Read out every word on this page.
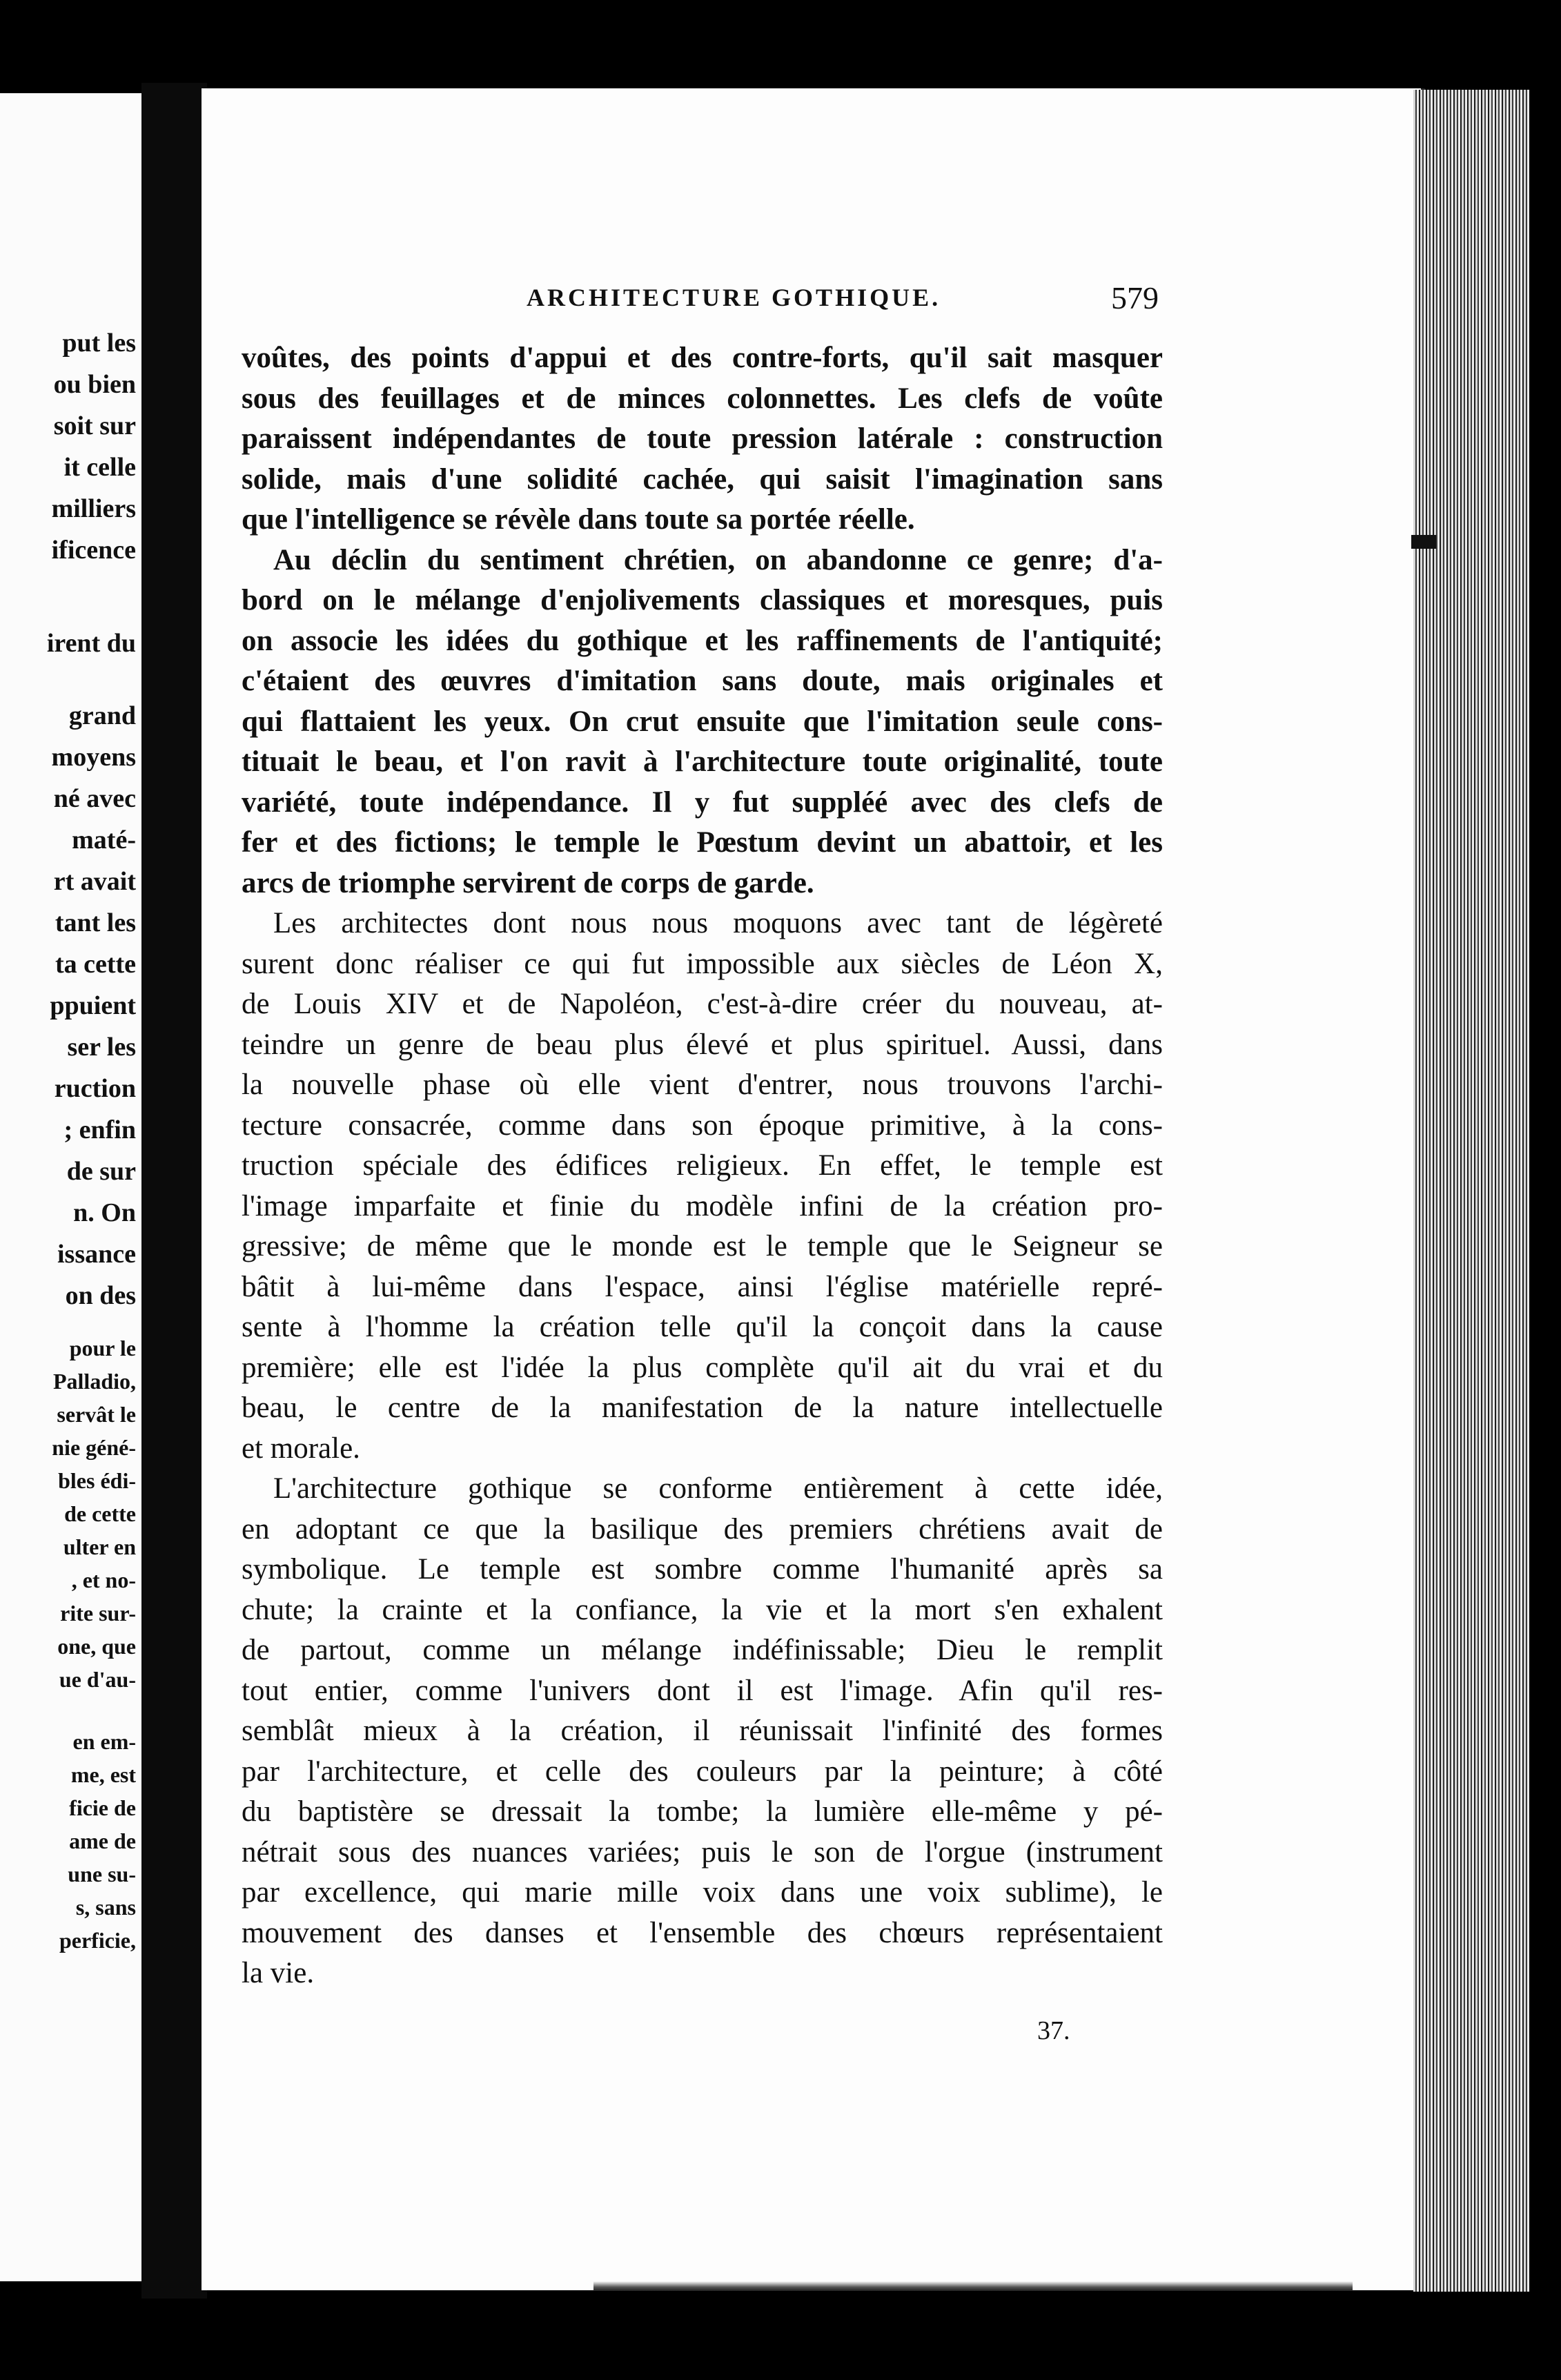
put les
ou bien
soit sur
it celle
milliers
ificence
irent du
grand
moyens
né avec
maté-
rt avait
tant les
ta cette
ppuient
ser les
ruction
; enfin
de sur
n. On
issance
on des
pour le
Palladio,
servât le
nie géné-
bles édi-
de cette
ulter en
, et no-
rite sur-
one, que
ue d'au-
en em-
me, est
ficie de
ame de
une su-
s, sans
perficie,
ARCHITECTURE GOTHIQUE.	579
voûtes, des points d'appui et des contre-forts, qu'il sait masquer
sous des feuillages et de minces colonnettes. Les clefs de voûte
paraissent indépendantes de toute pression latérale : construction
solide, mais d'une solidité cachée, qui saisit l'imagination sans
que l'intelligence se révèle dans toute sa portée réelle.
Au déclin du sentiment chrétien, on abandonne ce genre; d'a-
bord on le mélange d'enjolivements classiques et moresques, puis
on associe les idées du gothique et les raffinements de l'antiquité;
c'étaient des œuvres d'imitation sans doute, mais originales et
qui flattaient les yeux. On crut ensuite que l'imitation seule cons-
tituait le beau, et l'on ravit à l'architecture toute originalité, toute
variété, toute indépendance. Il y fut suppléé avec des clefs de
fer et des fictions; le temple le Pœstum devint un abattoir, et les
arcs de triomphe servirent de corps de garde.
Les architectes dont nous nous moquons avec tant de légèreté
surent donc réaliser ce qui fut impossible aux siècles de Léon X,
de Louis XIV et de Napoléon, c'est-à-dire créer du nouveau, at-
teindre un genre de beau plus élevé et plus spirituel. Aussi, dans
la nouvelle phase où elle vient d'entrer, nous trouvons l'archi-
tecture consacrée, comme dans son époque primitive, à la cons-
truction spéciale des édifices religieux. En effet, le temple est
l'image imparfaite et finie du modèle infini de la création pro-
gressive; de même que le monde est le temple que le Seigneur se
bâtit à lui-même dans l'espace, ainsi l'église matérielle repré-
sente à l'homme la création telle qu'il la conçoit dans la cause
première; elle est l'idée la plus complète qu'il ait du vrai et du
beau, le centre de la manifestation de la nature intellectuelle
et morale.
L'architecture gothique se conforme entièrement à cette idée,
en adoptant ce que la basilique des premiers chrétiens avait de
symbolique. Le temple est sombre comme l'humanité après sa
chute; la crainte et la confiance, la vie et la mort s'en exhalent
de partout, comme un mélange indéfinissable; Dieu le remplit
tout entier, comme l'univers dont il est l'image. Afin qu'il res-
semblât mieux à la création, il réunissait l'infinité des formes
par l'architecture, et celle des couleurs par la peinture; à côté
du baptistère se dressait la tombe; la lumière elle-même y pé-
nétrait sous des nuances variées; puis le son de l'orgue (instrument
par excellence, qui marie mille voix dans une voix sublime), le
mouvement des danses et l'ensemble des chœurs représentaient
la vie.
37.
